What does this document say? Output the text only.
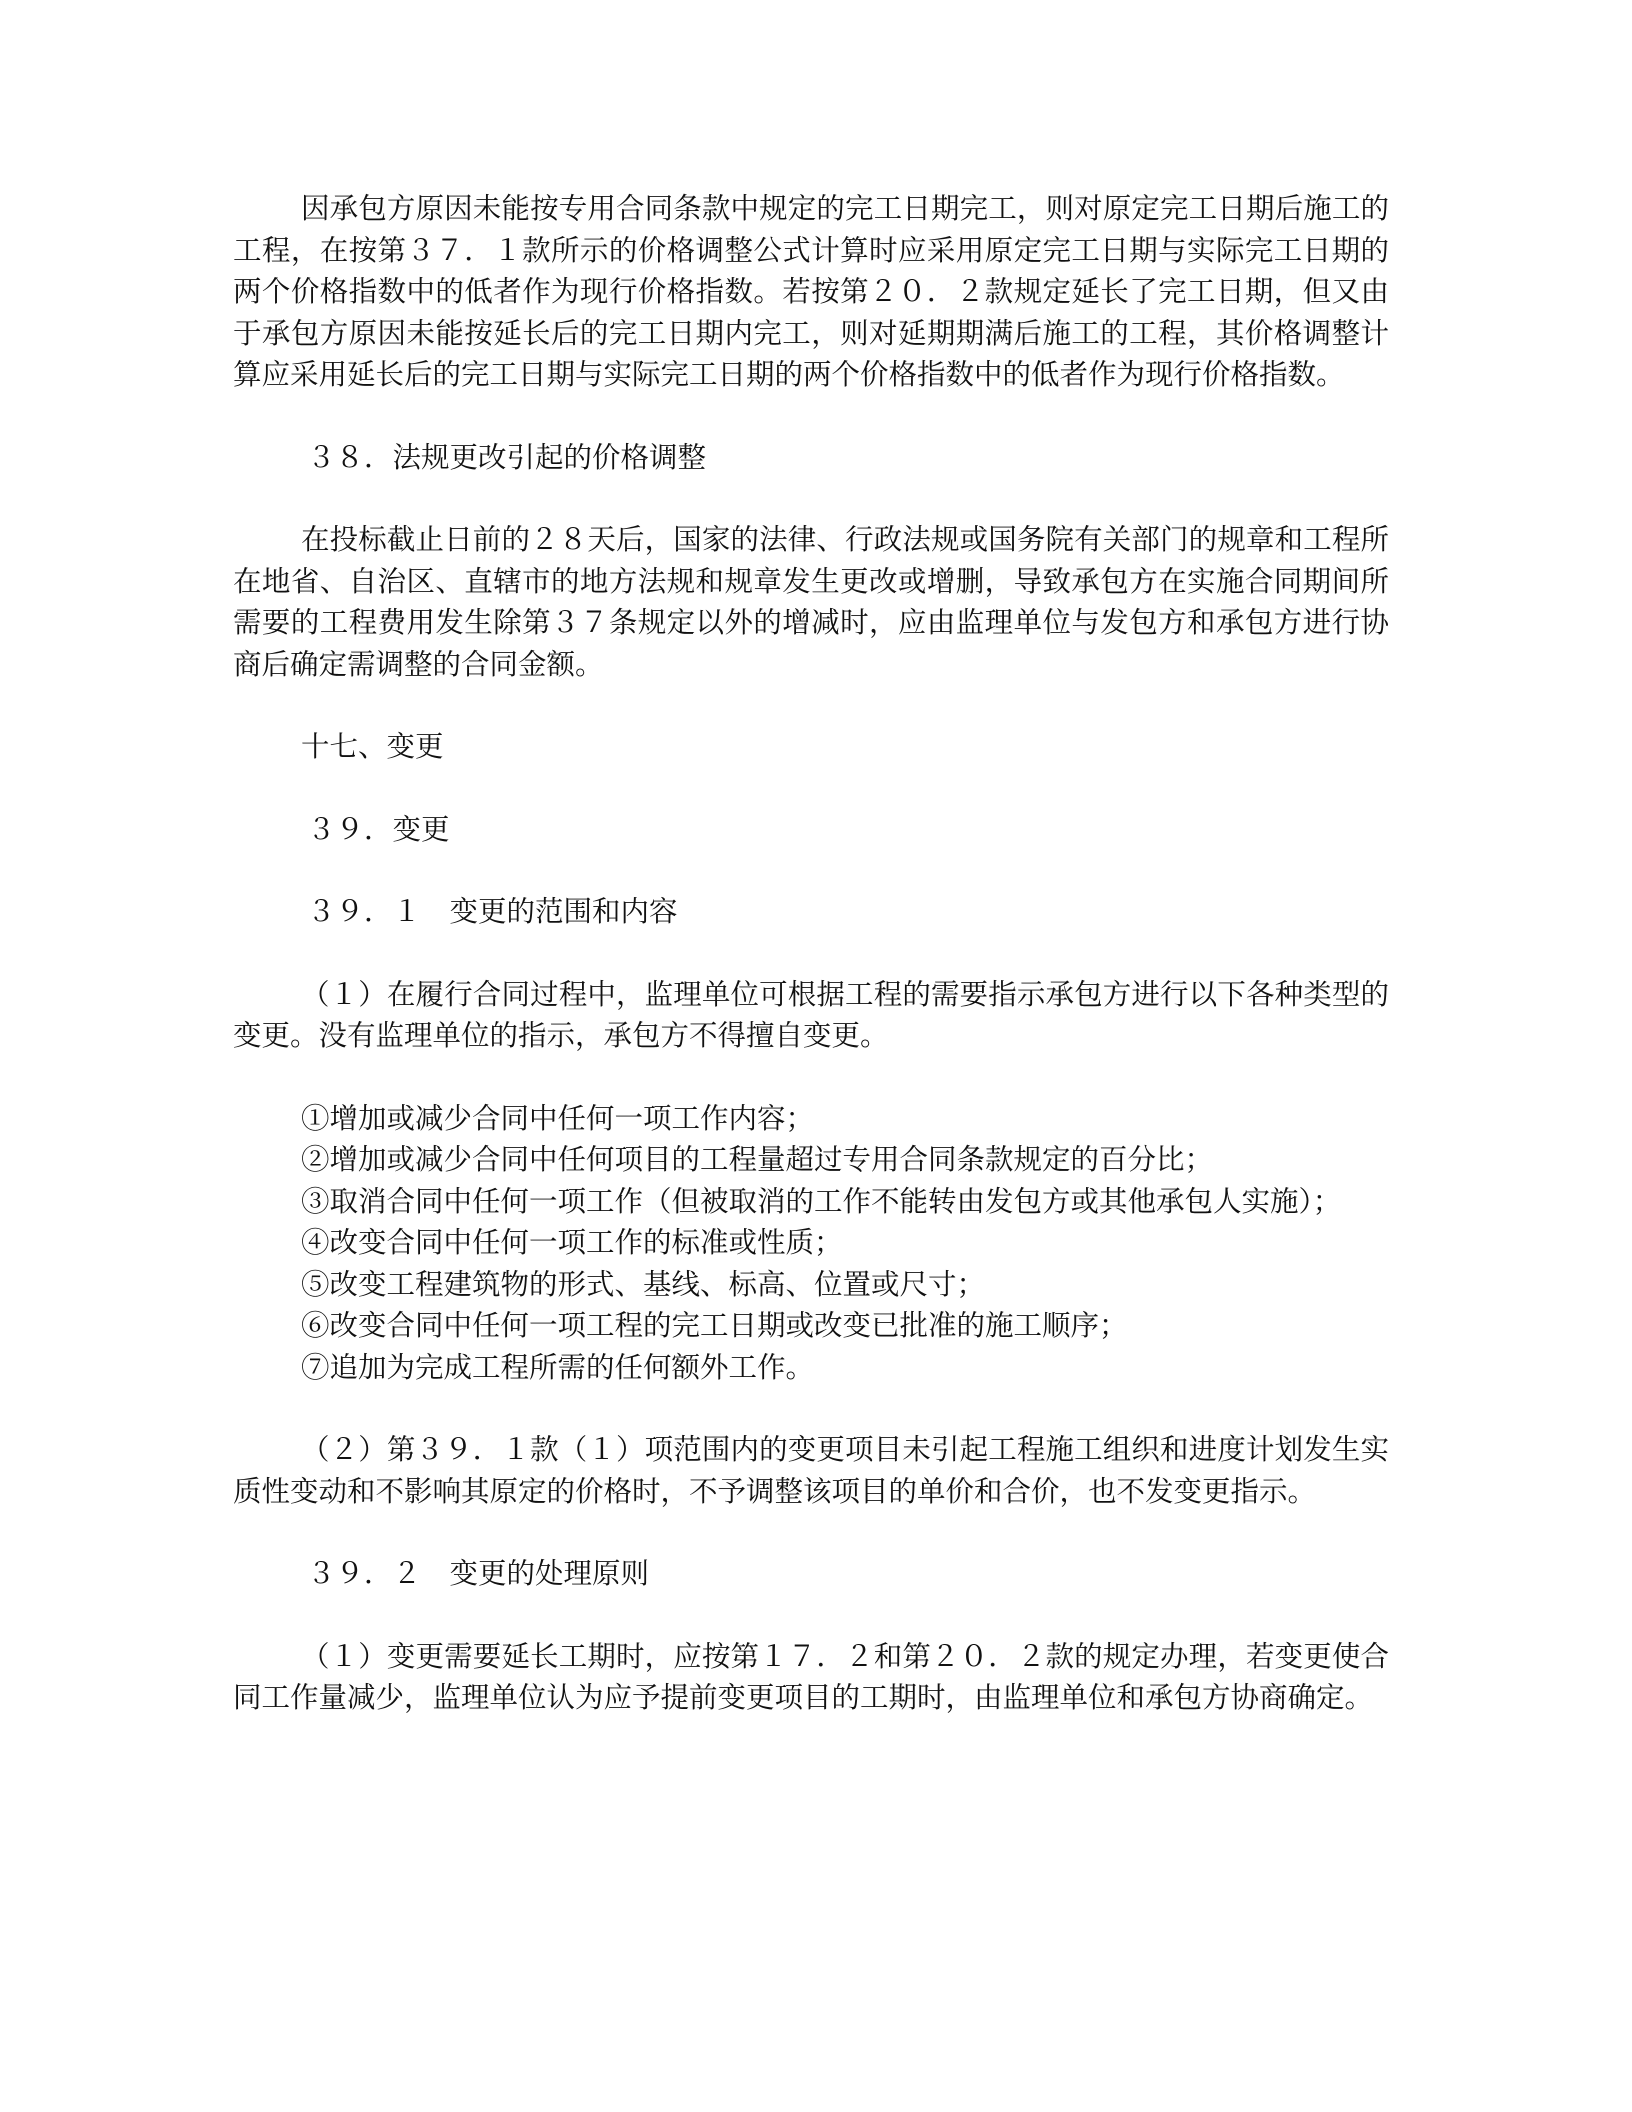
因承包方原因未能按专用合同条款中规定的完工日期完工，则对原定完工日期后施工的工程，在按第３７．１款所示的价格调整公式计算时应采用原定完工日期与实际完工日期的两个价格指数中的低者作为现行价格指数。若按第２０．２款规定延长了完工日期，但又由于承包方原因未能按延长后的完工日期内完工，则对延期期满后施工的工程，其价格调整计算应采用延长后的完工日期与实际完工日期的两个价格指数中的低者作为现行价格指数。

３８．法规更改引起的价格调整

在投标截止日前的２８天后，国家的法律、行政法规或国务院有关部门的规章和工程所在地省、自治区、直辖市的地方法规和规章发生更改或增删，导致承包方在实施合同期间所需要的工程费用发生除第３７条规定以外的增减时，应由监理单位与发包方和承包方进行协商后确定需调整的合同金额。

十七、变更

３９．变更

３９．１　变更的范围和内容

（１）在履行合同过程中，监理单位可根据工程的需要指示承包方进行以下各种类型的变更。没有监理单位的指示，承包方不得擅自变更。

①增加或减少合同中任何一项工作内容；
②增加或减少合同中任何项目的工程量超过专用合同条款规定的百分比；
③取消合同中任何一项工作（但被取消的工作不能转由发包方或其他承包人实施）；
④改变合同中任何一项工作的标准或性质；
⑤改变工程建筑物的形式、基线、标高、位置或尺寸；
⑥改变合同中任何一项工程的完工日期或改变已批准的施工顺序；
⑦追加为完成工程所需的任何额外工作。

（２）第３９．１款（１）项范围内的变更项目未引起工程施工组织和进度计划发生实质性变动和不影响其原定的价格时，不予调整该项目的单价和合价，也不发变更指示。

３９．２　变更的处理原则

（１）变更需要延长工期时，应按第１７．２和第２０．２款的规定办理，若变更使合同工作量减少，监理单位认为应予提前变更项目的工期时，由监理单位和承包方协商确定。
